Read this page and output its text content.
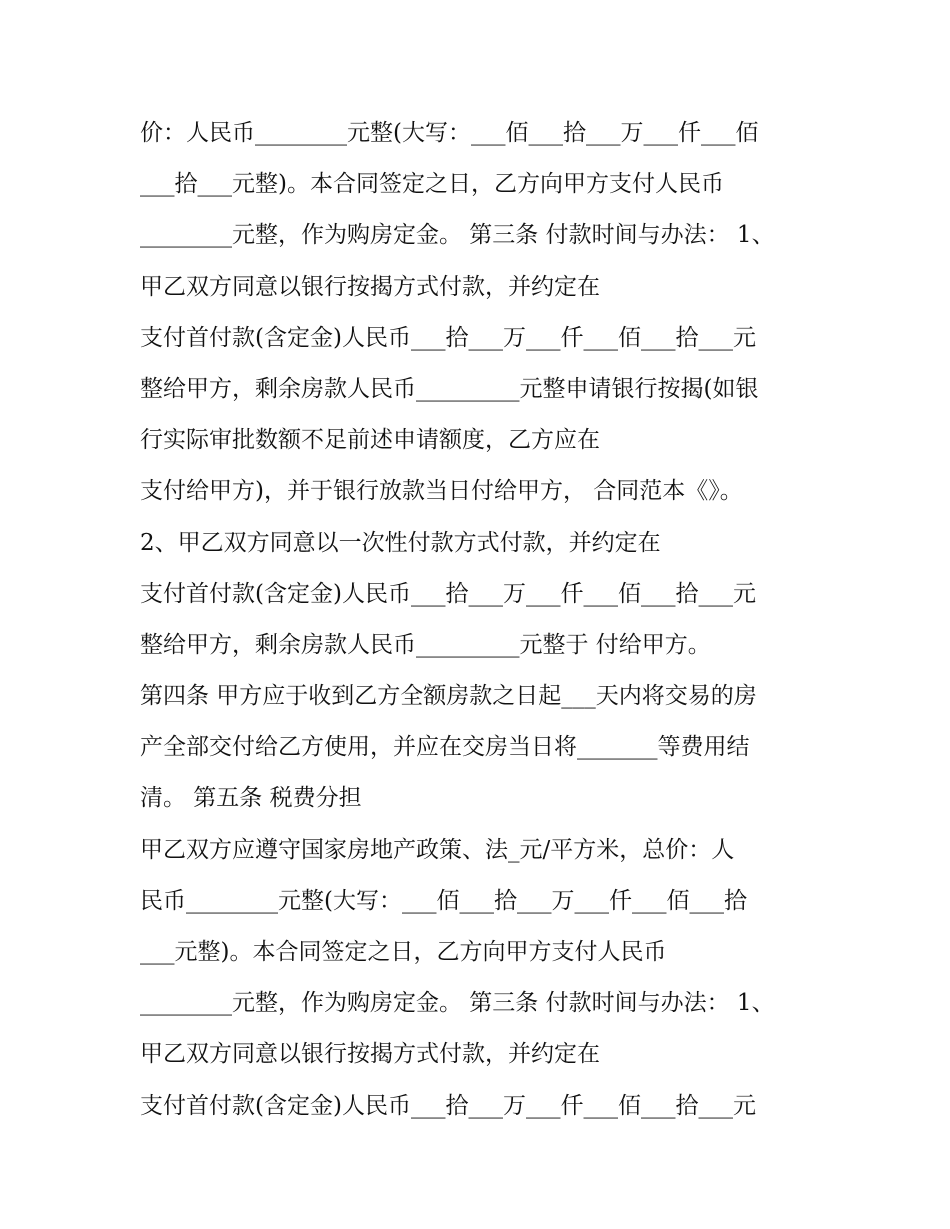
价：人民币________元整(大写：___佰___拾___万___仟___佰
___拾___元整)。本合同签定之日，乙方向甲方支付人民币
________元整，作为购房定金。 第三条 付款时间与办法： 1、
甲乙双方同意以银行按揭方式付款，并约定在
支付首付款(含定金)人民币___拾___万___仟___佰___拾___元
整给甲方，剩余房款人民币_________元整申请银行按揭(如银
行实际审批数额不足前述申请额度，乙方应在
支付给甲方)，并于银行放款当日付给甲方， 合同范本《》。
2、甲乙双方同意以一次性付款方式付款，并约定在
支付首付款(含定金)人民币___拾___万___仟___佰___拾___元
整给甲方，剩余房款人民币_________元整于 付给甲方。
第四条 甲方应于收到乙方全额房款之日起___天内将交易的房
产全部交付给乙方使用，并应在交房当日将_______等费用结
清。 第五条 税费分担
甲乙双方应遵守国家房地产政策、法_元/平方米，总价：人
民币________元整(大写：___佰___拾___万___仟___佰___拾
___元整)。本合同签定之日，乙方向甲方支付人民币
________元整，作为购房定金。 第三条 付款时间与办法： 1、
甲乙双方同意以银行按揭方式付款，并约定在
支付首付款(含定金)人民币___拾___万___仟___佰___拾___元
